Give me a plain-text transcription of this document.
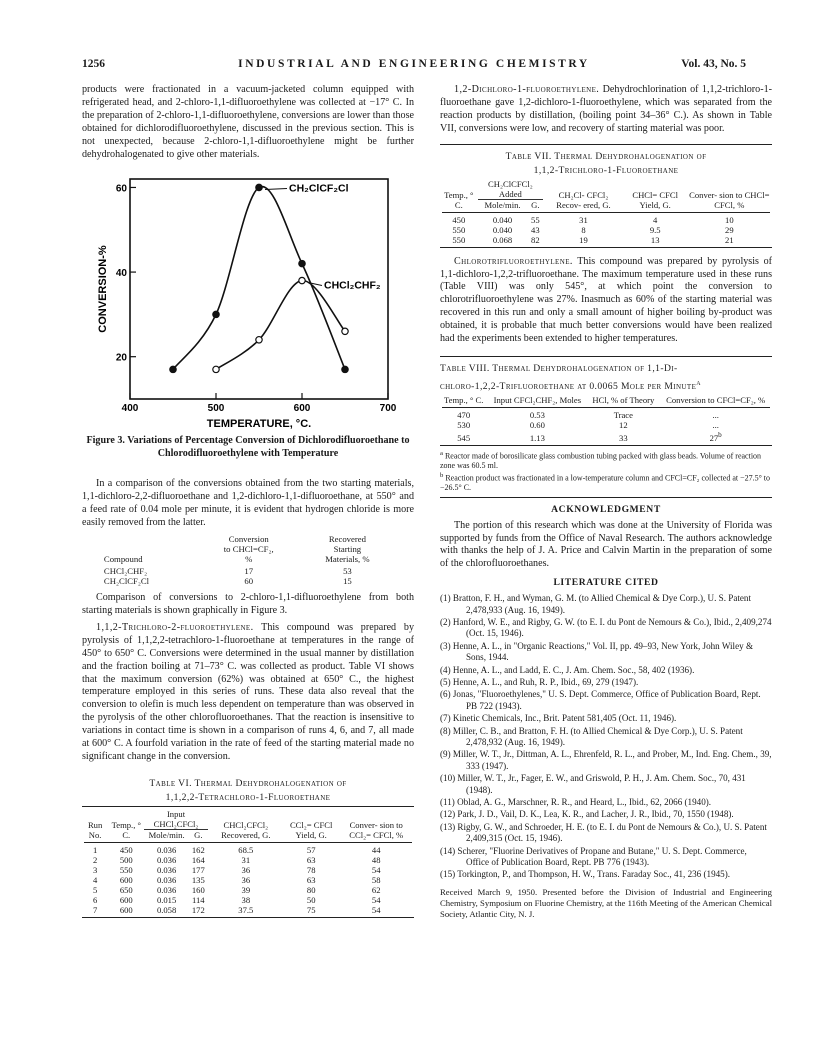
1256	INDUSTRIAL AND ENGINEERING CHEMISTRY	Vol. 43, No. 5

products were fractionated in a vacuum-jacketed column equipped with refrigerated head, and 2-chloro-1,1-difluoroethylene was collected at −17° C. In the preparation of 2-chloro-1,1-difluoroethylene, conversions are lower than those obtained for dichlorodifluoroethylene, discussed in the previous section. This is not unexpected, because 2-chloro-1,1-difluoroethylene might be further dehydrohalogenated to give other materials.

400	500	600	700
20
40
60
TEMPERATURE, °C.
CONVERSION-%
CH₂ClCF₂Cl
CHCl₂CHF₂
Figure 3. Variations of Percentage Conversion of Dichlorodifluoroethane to Chlorodifluoroethylene with Temperature

In a comparison of the conversions obtained from the two starting materials, 1,1-dichloro-2,2-difluoroethane and 1,2-dichloro-1,1-difluoroethane, at 550° and a feed rate of 0.04 mole per minute, it is evident that hydrogen chloride is more easily removed from the latter.

	Conversion	Recovered
	to CHCl=CF₂,	Starting
Compound	%	Materials, %
CHCl₂CHF₂	17	53
CH₂ClCF₂Cl	60	15

Comparison of conversions to 2-chloro-1,1-difluoroethylene from both starting materials is shown graphically in Figure 3.

1,1,2-Trichloro-2-fluoroethylene. This compound was prepared by pyrolysis of 1,1,2,2-tetrachloro-1-fluoroethane at temperatures in the range of 450° to 650° C. Conversions were determined in the usual manner by distillation and the fraction boiling at 71–73° C. was collected as product. Table VI shows that the maximum conversion (62%) was obtained at 650° C., the highest temperature employed in this series of runs. These data also reveal that the conversion to olefin is much less dependent on temperature than was observed in the pyrolysis of the other chlorofluoroethanes. That the reaction is insensitive to variations in contact time is shown in a comparison of runs 4, 6, and 7, all made at 600° C. A fourfold variation in the rate of feed of the starting material made no significant change in the conversion.

Table VI. Thermal Dehydrohalogenation of
1,1,2,2-Tetrachloro-1-Fluoroethane
Run No.	Temp., ° C.	Input CHCl₂CFCl₂		CHCl₂CFCl₂ Recovered, G.	CCl₂= CFCl Yield, G.	Conver- sion to CCl₂= CFCl, %
		Mole/min.	G.			

1	450	0.036	162	68.5	57	44
2	500	0.036	164	31	63	48
3	550	0.036	177	36	78	54
4	600	0.036	135	36	63	58
5	650	0.036	160	39	80	62
6	600	0.015	114	38	50	54
7	600	0.058	172	37.5	75	54

1,2-Dichloro-1-fluoroethylene. Dehydrochlorination of 1,1,2-trichloro-1-fluoroethane gave 1,2-dichloro-1-fluoroethylene, which was separated from the reaction products by distillation, (boiling point 34–36° C.). As shown in Table VII, conversions were low, and recovery of starting material was poor.

Table VII. Thermal Dehydrohalogenation of
1,1,2-Trichloro-1-Fluoroethane
Temp., ° C.	CH₂ClCFCl₂ Added		CH₂Cl- CFCl₂ Recov- ered, G.	CHCl= CFCl Yield, G.	Conver- sion to CHCl= CFCl, %
	Mole/min.	G.			

450	0.040	55	31	4	10
550	0.040	43	8	9.5	29
550	0.068	82	19	13	21

Chlorotrifluoroethylene. This compound was prepared by pyrolysis of 1,1-dichloro-1,2,2-trifluoroethane. The maximum temperature used in these runs (Table VIII) was only 545°, at which point the conversion to chlorotrifluoroethylene was 27%. Inasmuch as 60% of the starting material was recovered in this run and only a small amount of higher boiling by-product was obtained, it is probable that much better conversions would have been realized had the experiments been extended to higher temperatures.

Table VIII. Thermal Dehydrohalogenation of 1,1-Di-
chloro-1,2,2-Trifluoroethane at 0.0065 Mole per Minute$^a$
Temp., ° C.	Input CFCl₂CHF₂, Moles	HCl, % of Theory	Conversion to CFCl=CF₂, %

470	0.53	Trace	...
530	0.60	12	...
545	1.13	33	27$^b$
$^a$ Reactor made of borosilicate glass combustion tubing packed with glass beads. Volume of reaction zone was 60.5 ml.
$^b$ Reaction product was fractionated in a low-temperature column and CFCl=CF₂ collected at −27.5° to −26.5° C.
ACKNOWLEDGMENT

The portion of this research which was done at the University of Florida was supported by funds from the Office of Naval Research. The authors acknowledge with thanks the help of J. A. Price and Calvin Martin in the preparation of some of the chlorofluoroethanes.

LITERATURE CITED
(1) Bratton, F. H., and Wyman, G. M. (to Allied Chemical & Dye Corp.), U. S. Patent 2,478,933 (Aug. 16, 1949).
(2) Hanford, W. E., and Rigby, G. W. (to E. I. du Pont de Nemours & Co.), Ibid., 2,409,274 (Oct. 15, 1946).
(3) Henne, A. L., in "Organic Reactions," Vol. II, pp. 49–93, New York, John Wiley & Sons, 1944.
(4) Henne, A. L., and Ladd, E. C., J. Am. Chem. Soc., 58, 402 (1936).
(5) Henne, A. L., and Ruh, R. P., Ibid., 69, 279 (1947).
(6) Jonas, "Fluoroethylenes," U. S. Dept. Commerce, Office of Publication Board, Rept. PB 722 (1943).
(7) Kinetic Chemicals, Inc., Brit. Patent 581,405 (Oct. 11, 1946).
(8) Miller, C. B., and Bratton, F. H. (to Allied Chemical & Dye Corp.), U. S. Patent 2,478,932 (Aug. 16, 1949).
(9) Miller, W. T., Jr., Dittman, A. L., Ehrenfeld, R. L., and Prober, M., Ind. Eng. Chem., 39, 333 (1947).
(10) Miller, W. T., Jr., Fager, E. W., and Griswold, P. H., J. Am. Chem. Soc., 70, 431 (1948).
(11) Oblad, A. G., Marschner, R. R., and Heard, L., Ibid., 62, 2066 (1940).
(12) Park, J. D., Vail, D. K., Lea, K. R., and Lacher, J. R., Ibid., 70, 1550 (1948).
(13) Rigby, G. W., and Schroeder, H. E. (to E. I. du Pont de Nemours & Co.), U. S. Patent 2,409,315 (Oct. 15, 1946).
(14) Scherer, "Fluorine Derivatives of Propane and Butane," U. S. Dept. Commerce, Office of Publication Board, Rept. PB 776 (1943).
(15) Torkington, P., and Thompson, H. W., Trans. Faraday Soc., 41, 236 (1945).
Received March 9, 1950. Presented before the Division of Industrial and Engineering Chemistry, Symposium on Fluorine Chemistry, at the 116th Meeting of the American Chemical Society, Atlantic City, N. J.
